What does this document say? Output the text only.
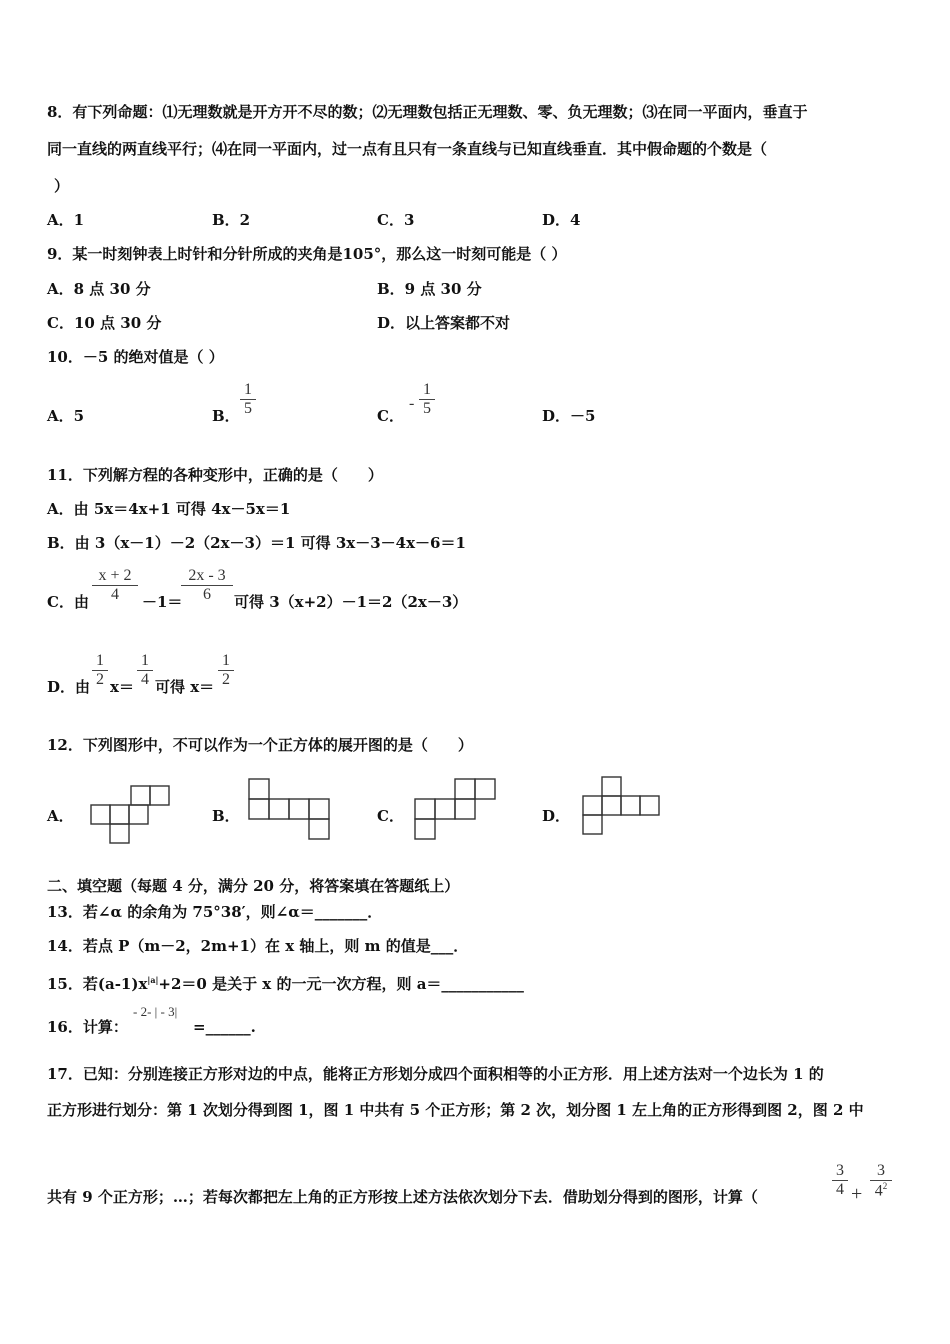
8．有下列命题：⑴无理数就是开方开不尽的数；⑵无理数包括正无理数、零、负无理数；⑶在同一平面内，垂直于
同一直线的两直线平行；⑷在同一平面内，过一点有且只有一条直线与已知直线垂直．其中假命题的个数是（
）
A．1	B．2	C．3	D．4
9．某一时刻钟表上时针和分针所成的夹角是105°，那么这一时刻可能是（ ）
A．8 点 30 分	B．9 点 30 分
C．10 点 30 分	D．以上答案都不对
10．－5 的绝对值是（ ）
A．5	B．
1
5	C．
-
1
5	D．－5
11．下列解方程的各种变形中，正确的是（　　）
A．由 5x＝4x+1 可得 4x－5x＝1
B．由 3（x－1）－2（2x－3）＝1 可得 3x－3－4x－6＝1
C．由
x + 2
4	－1＝
2x - 3
6	可得 3（x+2）－1＝2（2x－3）
D．由
1
2 x＝
1
4 可得 x＝
1
2
12．下列图形中，不可以作为一个正方体的展开图的是（　　）
A．	B．	C．	D．
二、填空题（每题 4 分，满分 20 分，将答案填在答题纸上）
13．若∠α 的余角为 75°38′，则∠α＝_______．
14．若点 P（m－2，2m+1）在 x 轴上，则 m 的值是___．
15．若$(a-1)x^{|a|}+2=0$ 是关于 x 的一元一次方程，则 a＝___________
16．计算：
- 2- | - 3|
=______.
17．已知：分别连接正方形对边的中点，能将正方形划分成四个面积相等的小正方形．用上述方法对一个边长为 1 的
正方形进行划分：第 1 次划分得到图 1，图 1 中共有 5 个正方形；第 2 次，划分图 1 左上角的正方形得到图 2，图 2 中
共有 9 个正方形；…；若每次都把左上角的正方形按上述方法依次划分下去．借助划分得到的图形，计算（
3
4 +
3
$4^2$
